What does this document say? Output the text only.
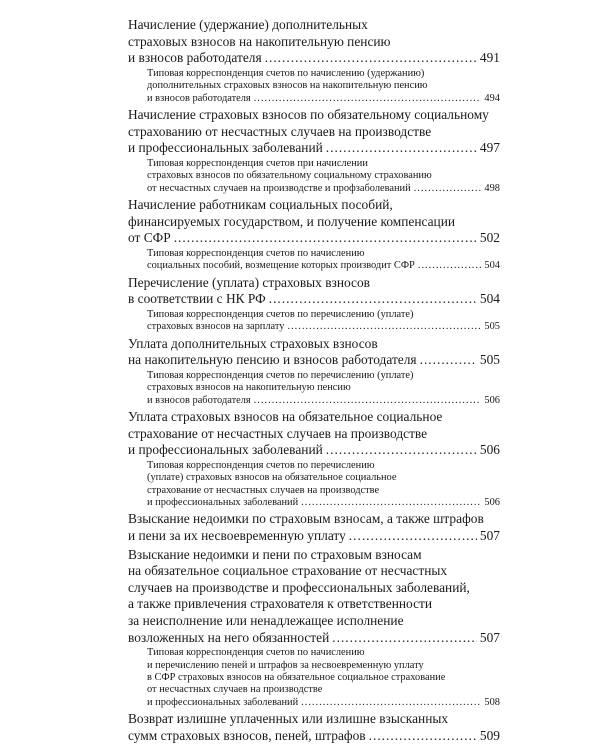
Начисление (удержание) дополнительных
страховых взносов на накопительную пенсию
и взносов работодателя .....	491
Типовая корреспонденция счетов по начислению (удержанию)
дополнительных страховых взносов на накопительную пенсию
и взносов работодателя .....	494
Начисление страховых взносов по обязательному социальному
страхованию от несчастных случаев на производстве
и профессиональных заболеваний .....	497
Типовая корреспонденция счетов при начислении
страховых взносов по обязательному социальному страхованию
от несчастных случаев на производстве и профзаболеваний .....	498
Начисление работникам социальных пособий,
финансируемых государством, и получение компенсации
от СФР .....	502
Типовая корреспонденция счетов по начислению
социальных пособий, возмещение которых производит СФР .....	504
Перечисление (уплата) страховых взносов
в соответствии с НК РФ .....	504
Типовая корреспонденция счетов по перечислению (уплате)
страховых взносов на зарплату .....	505
Уплата дополнительных страховых взносов
на накопительную пенсию и взносов работодателя .....	505
Типовая корреспонденция счетов по перечислению (уплате)
страховых взносов на накопительную пенсию
и взносов работодателя .....	506
Уплата страховых взносов на обязательное социальное
страхование от несчастных случаев на производстве
и профессиональных заболеваний .....	506
Типовая корреспонденция счетов по перечислению
(уплате) страховых взносов на обязательное социальное
страхование от несчастных случаев на производстве
и профессиональных заболеваний .....	506
Взыскание недоимки по страховым взносам, а также штрафов
и пени за их несвоевременную уплату .....	507
Взыскание недоимки и пени по страховым взносам
на обязательное социальное страхование от несчастных
случаев на производстве и профессиональных заболеваний,
а также привлечения страхователя к ответственности
за неисполнение или ненадлежащее исполнение
возложенных на него обязанностей .....	507
Типовая корреспонденция счетов по начислению
и перечислению пеней и штрафов за несвоевременную уплату
в СФР страховых взносов на обязательное социальное страхование
от несчастных случаев на производстве
и профессиональных заболеваний .....	508
Возврат излишне уплаченных или излишне взысканных
сумм страховых взносов, пеней, штрафов .....	509
